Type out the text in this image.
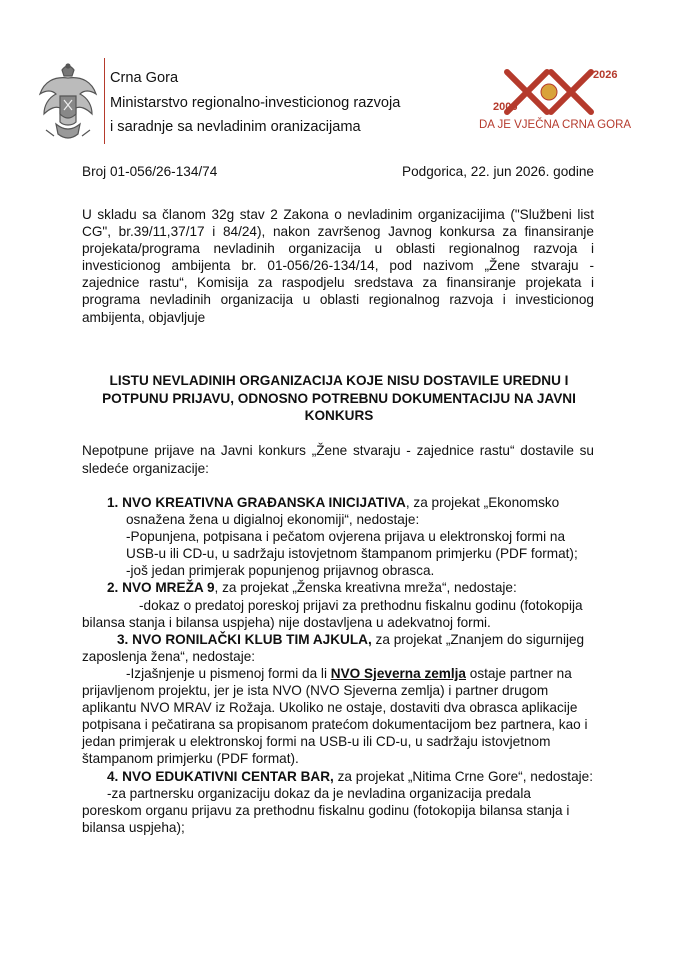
Crna Gora
Ministarstvo regionalno-investicionog razvoja
i saradnje sa nevladinim oranizacijama
2026
2006
DA JE VJEČNA CRNA GORA
Broj 01-056/26-134/74	Podgorica, 22. jun 2026. godine

U skladu sa članom 32g stav 2 Zakona o nevladinim organizacijima ("Službeni list CG", br.39/11,37/17 i 84/24), nakon završenog Javnog konkursa za finansiranje projekata/programa nevladinih organizacija u oblasti regionalnog razvoja i investicionog ambijenta br. 01-056/26-134/14, pod nazivom „Žene stvaraju - zajednice rastu“, Komisija za raspodjelu sredstava za finansiranje projekata i programa nevladinih organizacija u oblasti regionalnog razvoja i investicionog ambijenta, objavljuje

LISTU NEVLADINIH ORGANIZACIJA KOJE NISU DOSTAVILE UREDNU I POTPUNU PRIJAVU, ODNOSNO POTREBNU DOKUMENTACIJU NA JAVNI KONKURS

Nepotpune prijave na Javni konkurs „Žene stvaraju - zajednice rastu“ dostavile su sledeće organizacije:

1. NVO KREATIVNA GRAĐANSKA INICIJATIVA, za projekat „Ekonomsko
osnažena žena u digialnoj ekonomiji“, nedostaje:
-Popunjena, potpisana i pečatom ovjerena prijava u elektronskoj formi na
USB-u ili CD-u, u sadržaju istovjetnom štampanom primjerku (PDF format);
-još jedan primjerak popunjenog prijavnog obrasca.
2. NVO MREŽA 9, za projekat „Ženska kreativna mreža“, nedostaje:
-dokaz o predatoj poreskoj prijavi za prethodnu fiskalnu godinu (fotokopija
bilansa stanja i bilansa uspjeha) nije dostavljena u adekvatnoj formi.
3. NVO RONILAČKI KLUB TIM AJKULA, za projekat „Znanjem do sigurnijeg
zaposlenja žena“, nedostaje:
-Izjašnjenje u pismenoj formi da li NVO Sjeverna zemlja ostaje partner na
prijavljenom projektu, jer je ista NVO (NVO Sjeverna zemlja) i partner drugom
aplikantu NVO MRAV iz Rožaja. Ukoliko ne ostaje, dostaviti dva obrasca aplikacije
potpisana i pečatirana sa propisanom pratećom dokumentacijom bez partnera, kao i
jedan primjerak u elektronskoj formi na USB-u ili CD-u, u sadržaju istovjetnom
štampanom primjerku (PDF format).
4. NVO EDUKATIVNI CENTAR BAR, za projekat „Nitima Crne Gore“, nedostaje:
-za partnersku organizaciju dokaz da je nevladina organizacija predala
poreskom organu prijavu za prethodnu fiskalnu godinu (fotokopija bilansa stanja i
bilansa uspjeha);
